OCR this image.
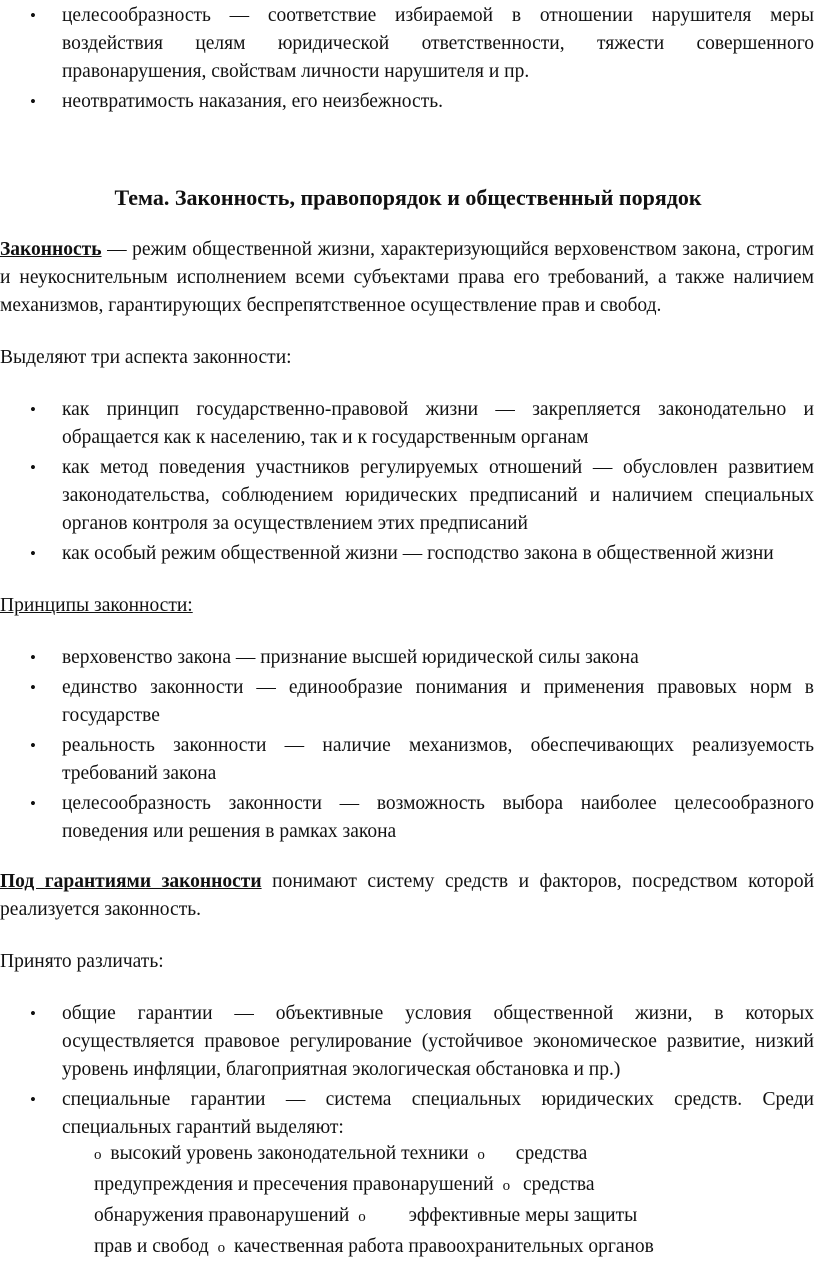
• целесообразность — соответствие избираемой в отношении нарушителя меры воздействия целям юридической ответственности, тяжести совершенного правонарушения, свойствам личности нарушителя и пр.
• неотвратимость наказания, его неизбежность.
Тема. Законность, правопорядок и общественный порядок
Законность — режим общественной жизни, характеризующийся верховенством закона, строгим и неукоснительным исполнением всеми субъектами права его требований, а также наличием механизмов, гарантирующих беспрепятственное осуществление прав и свобод.
Выделяют три аспекта законности:
• как принцип государственно-правовой жизни — закрепляется законодательно и обращается как к населению, так и к государственным органам
• как метод поведения участников регулируемых отношений — обусловлен развитием законодательства, соблюдением юридических предписаний и наличием специальных органов контроля за осуществлением этих предписаний
• как особый режим общественной жизни — господство закона в общественной жизни
Принципы законности:
• верховенство закона — признание высшей юридической силы закона
• единство законности — единообразие понимания и применения правовых норм в государстве
• реальность законности — наличие механизмов, обеспечивающих реализуемость требований закона
• целесообразность законности — возможность выбора наиболее целесообразного поведения или решения в рамках закона
Под гарантиями законности понимают систему средств и факторов, посредством которой реализуется законность.
Принято различать:
• общие гарантии — объективные условия общественной жизни, в которых осуществляется правовое регулирование (устойчивое экономическое развитие, низкий уровень инфляции, благоприятная экологическая обстановка и пр.)
• специальные гарантии — система специальных юридических средств. Среди специальных гарантий выделяют:
o высокий уровень законодательной техники o средства
предупреждения и пресечения правонарушений o средства
обнаружения правонарушений o эффективные меры защиты
прав и свобод o качественная работа правоохранительных органов
